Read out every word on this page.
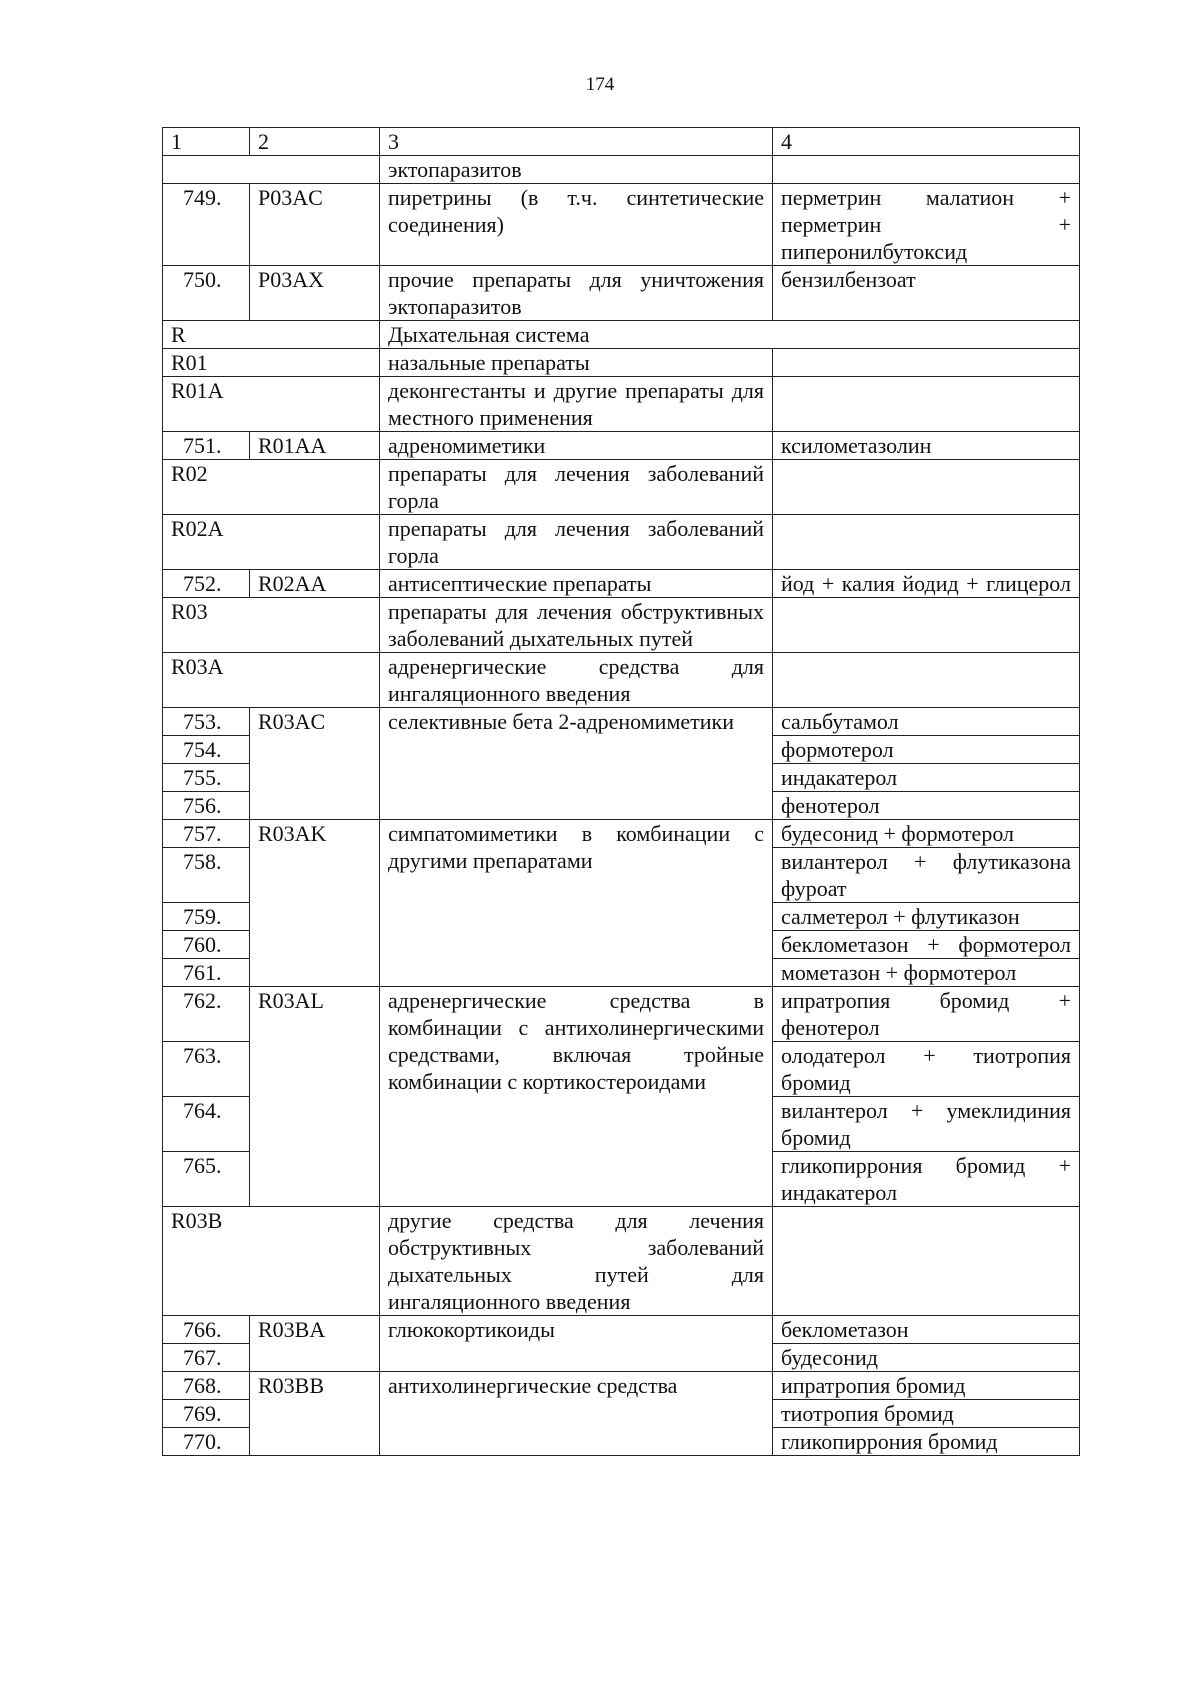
174
1	2	3	4
		эктопаразитов	
749.	P03AC	пиретрины (в т.ч. синтетические соединения)	перметрин малатион + перметрин + пиперонилбутоксид
750.	P03AX	прочие препараты для уничтожения эктопаразитов	бензилбензоат
R		Дыхательная система	
R01		назальные препараты	
R01A		деконгестанты и другие препараты для местного применения	
751.	R01AA	адреномиметики	ксилометазолин
R02		препараты для лечения заболеваний горла	
R02A		препараты для лечения заболеваний горла	
752.	R02AA	антисептические препараты	йод + калия йодид + глицерол
R03		препараты для лечения обструктивных заболеваний дыхательных путей	
R03A		адренергические средства для ингаляционного введения	
753.	R03AC	селективные бета 2-адреномиметики	сальбутамол
754.			формотерол
755.			индакатерол
756.			фенотерол
757.	R03AK	симпатомиметики в комбинации с другими препаратами	будесонид + формотерол
758.			вилантерол + флутиказона фуроат
759.			салметерол + флутиказон
760.			беклометазон + формотерол
761.			мометазон + формотерол
762.	R03AL	адренергические средства в комбинации с антихолинергическими средствами, включая тройные комбинации с кортикостероидами	ипратропия бромид + фенотерол
763.			олодатерол + тиотропия бромид
764.			вилантерол + умеклидиния бромид
765.			гликопиррония бромид + индакатерол
R03B		другие средства для лечения обструктивных заболеваний дыхательных путей для ингаляционного введения	
766.	R03BA	глюкокортикоиды	беклометазон
767.			будесонид
768.	R03BB	антихолинергические средства	ипратропия бромид
769.			тиотропия бромид
770.			гликопиррония бромид
